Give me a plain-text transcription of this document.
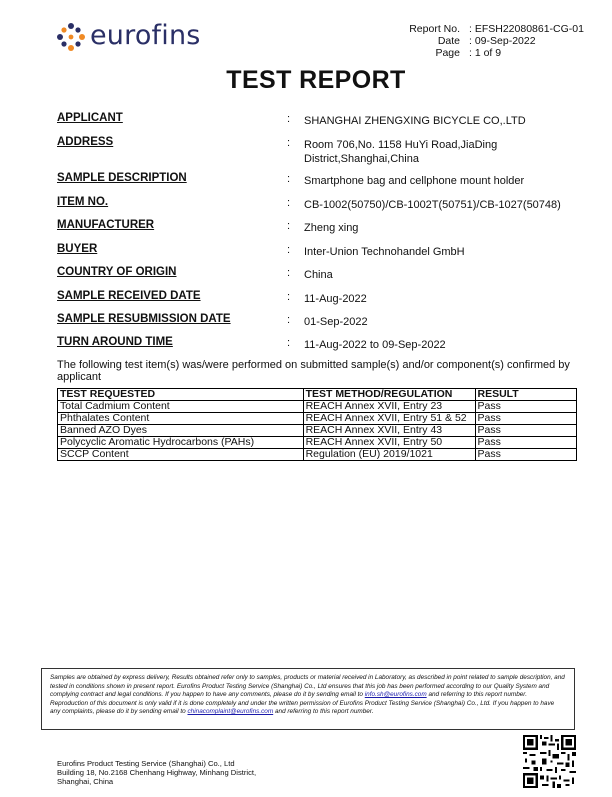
eurofins	Report No. : EFSH22080861-CG-01
Date : 09-Sep-2022
Page : 1 of 9
TEST REPORT
APPLICANT	: SHANGHAI ZHENGXING BICYCLE CO,.LTD
ADDRESS	: Room 706,No. 1158 HuYi Road,JiaDing
District,Shanghai,China
SAMPLE DESCRIPTION	: Smartphone bag and cellphone mount holder
ITEM NO.	: CB-1002(50750)/CB-1002T(50751)/CB-1027(50748)
MANUFACTURER	: Zheng xing
BUYER	: Inter-Union Technohandel GmbH
COUNTRY OF ORIGIN	: China
SAMPLE RECEIVED DATE	: 11-Aug-2022
SAMPLE RESUBMISSION DATE	: 01-Sep-2022
TURN AROUND TIME	: 11-Aug-2022 to 09-Sep-2022
The following test item(s) was/were performed on submitted sample(s) and/or component(s) confirmed by applicant
TEST REQUESTED	TEST METHOD/REGULATION	RESULT
Total Cadmium Content	REACH Annex XVII, Entry 23	Pass
Phthalates Content	REACH Annex XVII, Entry 51 & 52	Pass
Banned AZO Dyes	REACH Annex XVII, Entry 43	Pass
Polycyclic Aromatic Hydrocarbons (PAHs)	REACH Annex XVII, Entry 50	Pass
SCCP Content	Regulation (EU) 2019/1021	Pass
Samples are obtained by express delivery, Results obtained refer only to samples, products or material received in Laboratory, as described in point related to sample description, and tested in conditions shown in present report. Eurofins Product Testing Service (Shanghai) Co., Ltd ensures that this job has been performed according to our Quality System and complying contract and legal conditions. If you happen to have any comments, please do it by sending email to info.sh@eurofins.com and referring to this report number. Reproduction of this document is only valid if it is done completely and under the written permission of Eurofins Product Testing Service (Shanghai) Co., Ltd. If you happen to have any complaints, please do it by sending email to chinacomplaint@eurofins.com and referring to this report number.
Eurofins Product Testing Service (Shanghai) Co., Ltd
Building 18, No.2168 Chenhang Highway, Minhang District,
Shanghai, China
